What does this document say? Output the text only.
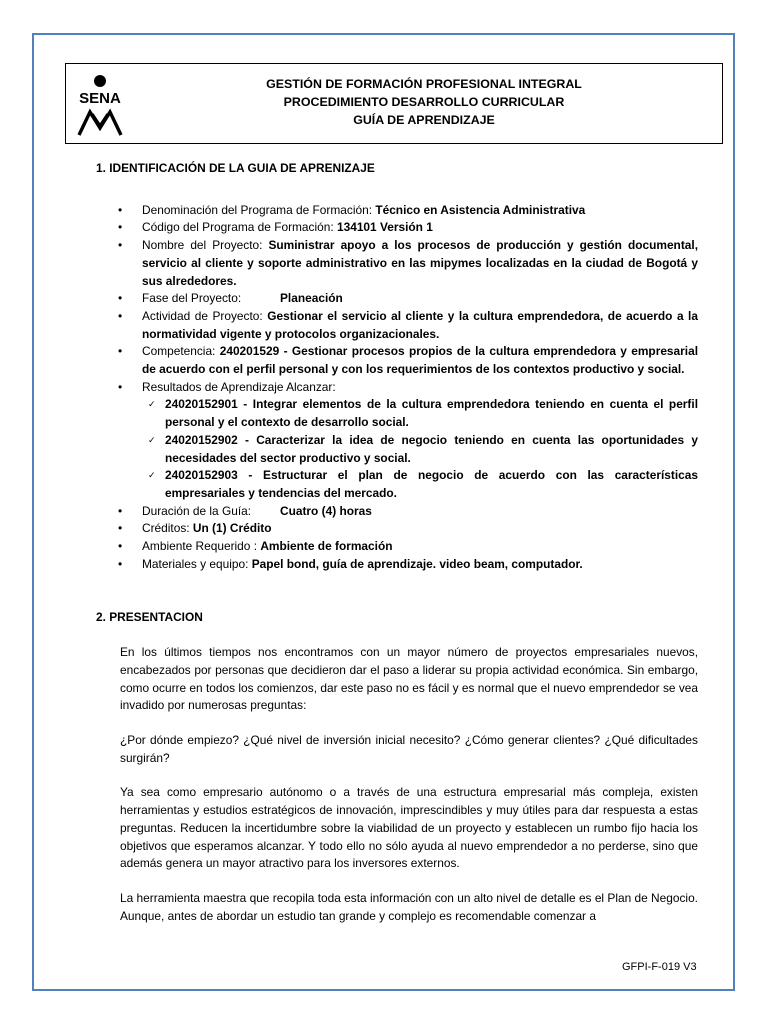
SENA
GESTIÓN DE FORMACIÓN PROFESIONAL INTEGRAL
PROCEDIMIENTO DESARROLLO CURRICULAR
GUÍA DE APRENDIZAJE
1. IDENTIFICACIÓN DE LA GUIA DE APRENIZAJE
• Denominación del Programa de Formación: Técnico en Asistencia Administrativa
• Código del Programa de Formación: 134101 Versión 1
• Nombre del Proyecto: Suministrar apoyo a los procesos de producción y gestión documental, servicio al cliente y soporte administrativo en las mipymes localizadas en la ciudad de Bogotá y sus alrededores.
• Fase del Proyecto:	Planeación
• Actividad de Proyecto: Gestionar el servicio al cliente y la cultura emprendedora, de acuerdo a la normatividad vigente y protocolos organizacionales.
• Competencia: 240201529 - Gestionar procesos propios de la cultura emprendedora y empresarial de acuerdo con el perfil personal y con los requerimientos de los contextos productivo y social.
• Resultados de Aprendizaje Alcanzar:
✓ 24020152901 - Integrar elementos de la cultura emprendedora teniendo en cuenta el perfil personal y el contexto de desarrollo social.
✓ 24020152902 - Caracterizar la idea de negocio teniendo en cuenta las oportunidades y necesidades del sector productivo y social.
✓ 24020152903 - Estructurar el plan de negocio de acuerdo con las características empresariales y tendencias del mercado.
• Duración de la Guía: Cuatro (4) horas
• Créditos: Un (1) Crédito
• Ambiente Requerido : Ambiente de formación
• Materiales y equipo: Papel bond, guía de aprendizaje. video beam, computador.
2. PRESENTACION

En los últimos tiempos nos encontramos con un mayor número de proyectos empresariales nuevos, encabezados por personas que decidieron dar el paso a liderar su propia actividad económica. Sin embargo, como ocurre en todos los comienzos, dar este paso no es fácil y es normal que el nuevo emprendedor se vea invadido por numerosas preguntas:

¿Por dónde empiezo? ¿Qué nivel de inversión inicial necesito? ¿Cómo generar clientes? ¿Qué dificultades surgirán?

Ya sea como empresario autónomo o a través de una estructura empresarial más compleja, existen herramientas y estudios estratégicos de innovación, imprescindibles y muy útiles para dar respuesta a estas preguntas. Reducen la incertidumbre sobre la viabilidad de un proyecto y establecen un rumbo fijo hacia los objetivos que esperamos alcanzar. Y todo ello no sólo ayuda al nuevo emprendedor a no perderse, sino que además genera un mayor atractivo para los inversores externos.

La herramienta maestra que recopila toda esta información con un alto nivel de detalle es el Plan de Negocio. Aunque, antes de abordar un estudio tan grande y complejo es recomendable comenzar a

GFPI-F-019 V3
